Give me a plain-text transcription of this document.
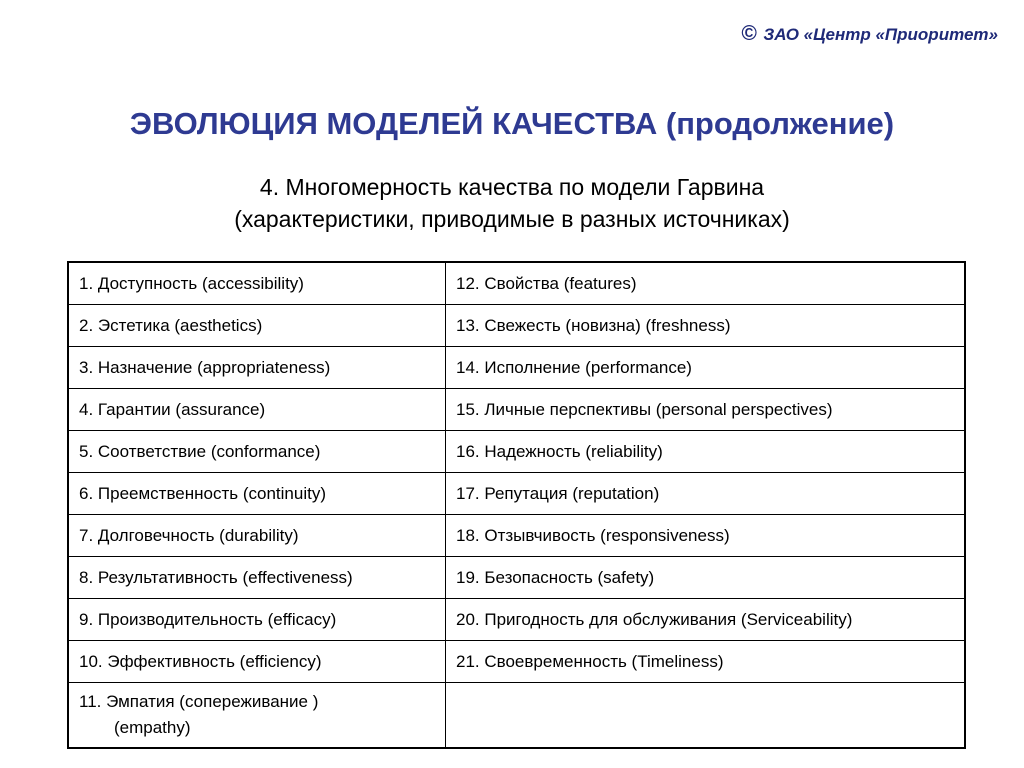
© ЗАО «Центр «Приоритет»
ЭВОЛЮЦИЯ МОДЕЛЕЙ КАЧЕСТВА (продолжение)
4. Многомерность качества по модели Гарвина
(характеристики, приводимые в разных источниках)
1. Доступность (accessibility)	12. Свойства (features)
2. Эстетика (aesthetics)	13. Свежесть (новизна) (freshness)
3. Назначение (appropriateness)	14. Исполнение (performance)
4. Гарантии (assurance)	15. Личные перспективы (personal perspectives)
5. Соответствие (conformance)	16. Надежность (reliability)
6. Преемственность (continuity)	17. Репутация (reputation)
7. Долговечность (durability)	18. Отзывчивость (responsiveness)
8. Результативность (effectiveness)	19. Безопасность (safety)
9. Производительность (efficacy)	20. Пригодность для обслуживания (Serviceability)
10. Эффективность (efficiency)	21. Своевременность (Timeliness)

11. Эмпатия (сопереживание )
(empathy)	
